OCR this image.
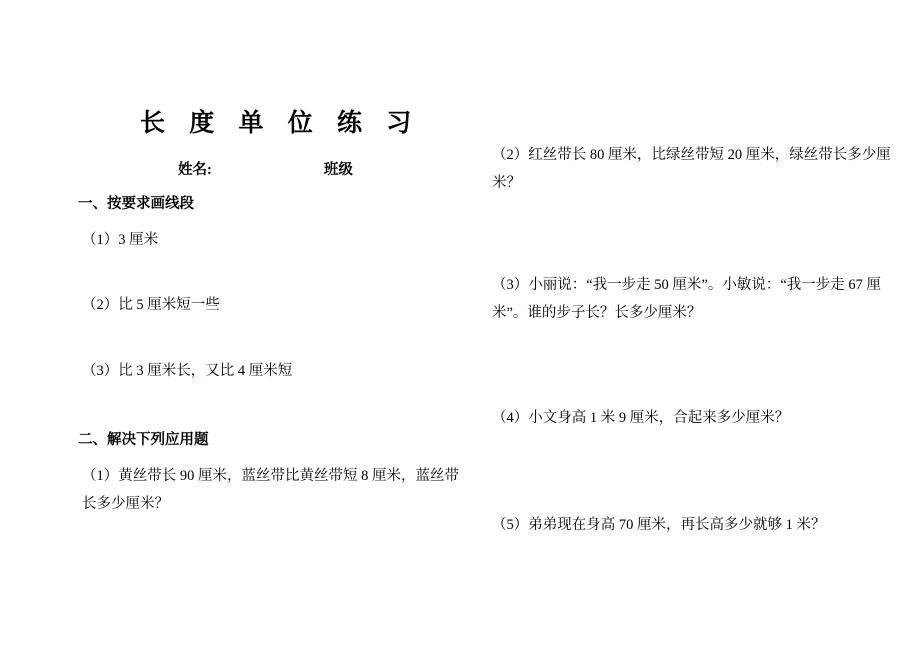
长 度 单 位 练 习
姓名:	班级
一、按要求画线段
（1）3 厘米
（2）比 5 厘米短一些
（3）比 3 厘米长，又比 4 厘米短
二、解决下列应用题
（1）黄丝带长 90 厘米，蓝丝带比黄丝带短 8 厘米，蓝丝带长多少厘米？
（2）红丝带长 80 厘米，比绿丝带短 20 厘米，绿丝带长多少厘米？
（3）小丽说：“我一步走 50 厘米”。小敏说：“我一步走 67 厘米”。谁的步子长？长多少厘米？
（4）小文身高 1 米 9 厘米，合起来多少厘米？
（5）弟弟现在身高 70 厘米，再长高多少就够 1 米？
